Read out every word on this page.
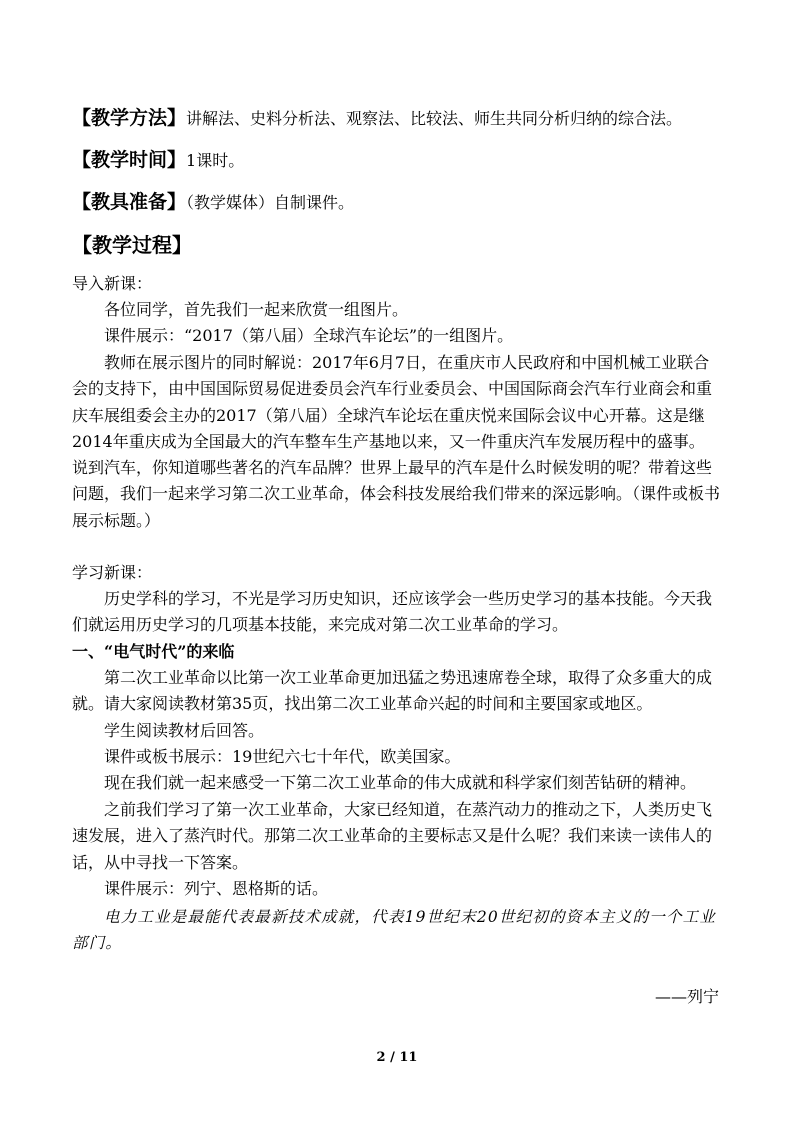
【教学方法】讲解法、史料分析法、观察法、比较法、师生共同分析归纳的综合法。
【教学时间】1课时。
【教具准备】（教学媒体）自制课件。
【教学过程】
导入新课：
各位同学，首先我们一起来欣赏一组图片。
课件展示：“2017（第八届）全球汽车论坛”的一组图片。
教师在展示图片的同时解说：2017年6月7日，在重庆市人民政府和中国机械工业联合会的支持下，由中国国际贸易促进委员会汽车行业委员会、中国国际商会汽车行业商会和重庆车展组委会主办的2017（第八届）全球汽车论坛在重庆悦来国际会议中心开幕。这是继2014年重庆成为全国最大的汽车整车生产基地以来，又一件重庆汽车发展历程中的盛事。说到汽车，你知道哪些著名的汽车品牌？世界上最早的汽车是什么时候发明的呢？带着这些问题，我们一起来学习第二次工业革命，体会科技发展给我们带来的深远影响。（课件或板书展示标题。）
学习新课：
历史学科的学习，不光是学习历史知识，还应该学会一些历史学习的基本技能。今天我们就运用历史学习的几项基本技能，来完成对第二次工业革命的学习。
一、“电气时代”的来临
第二次工业革命以比第一次工业革命更加迅猛之势迅速席卷全球，取得了众多重大的成就。请大家阅读教材第35页，找出第二次工业革命兴起的时间和主要国家或地区。
学生阅读教材后回答。
课件或板书展示：19世纪六七十年代，欧美国家。
现在我们就一起来感受一下第二次工业革命的伟大成就和科学家们刻苦钻研的精神。
之前我们学习了第一次工业革命，大家已经知道，在蒸汽动力的推动之下，人类历史飞速发展，进入了蒸汽时代。那第二次工业革命的主要标志又是什么呢？我们来读一读伟人的话，从中寻找一下答案。
课件展示：列宁、恩格斯的话。
电力工业是最能代表最新技术成就，代表19世纪末20世纪初的资本主义的一个工业部门。
——列宁
2 / 11
